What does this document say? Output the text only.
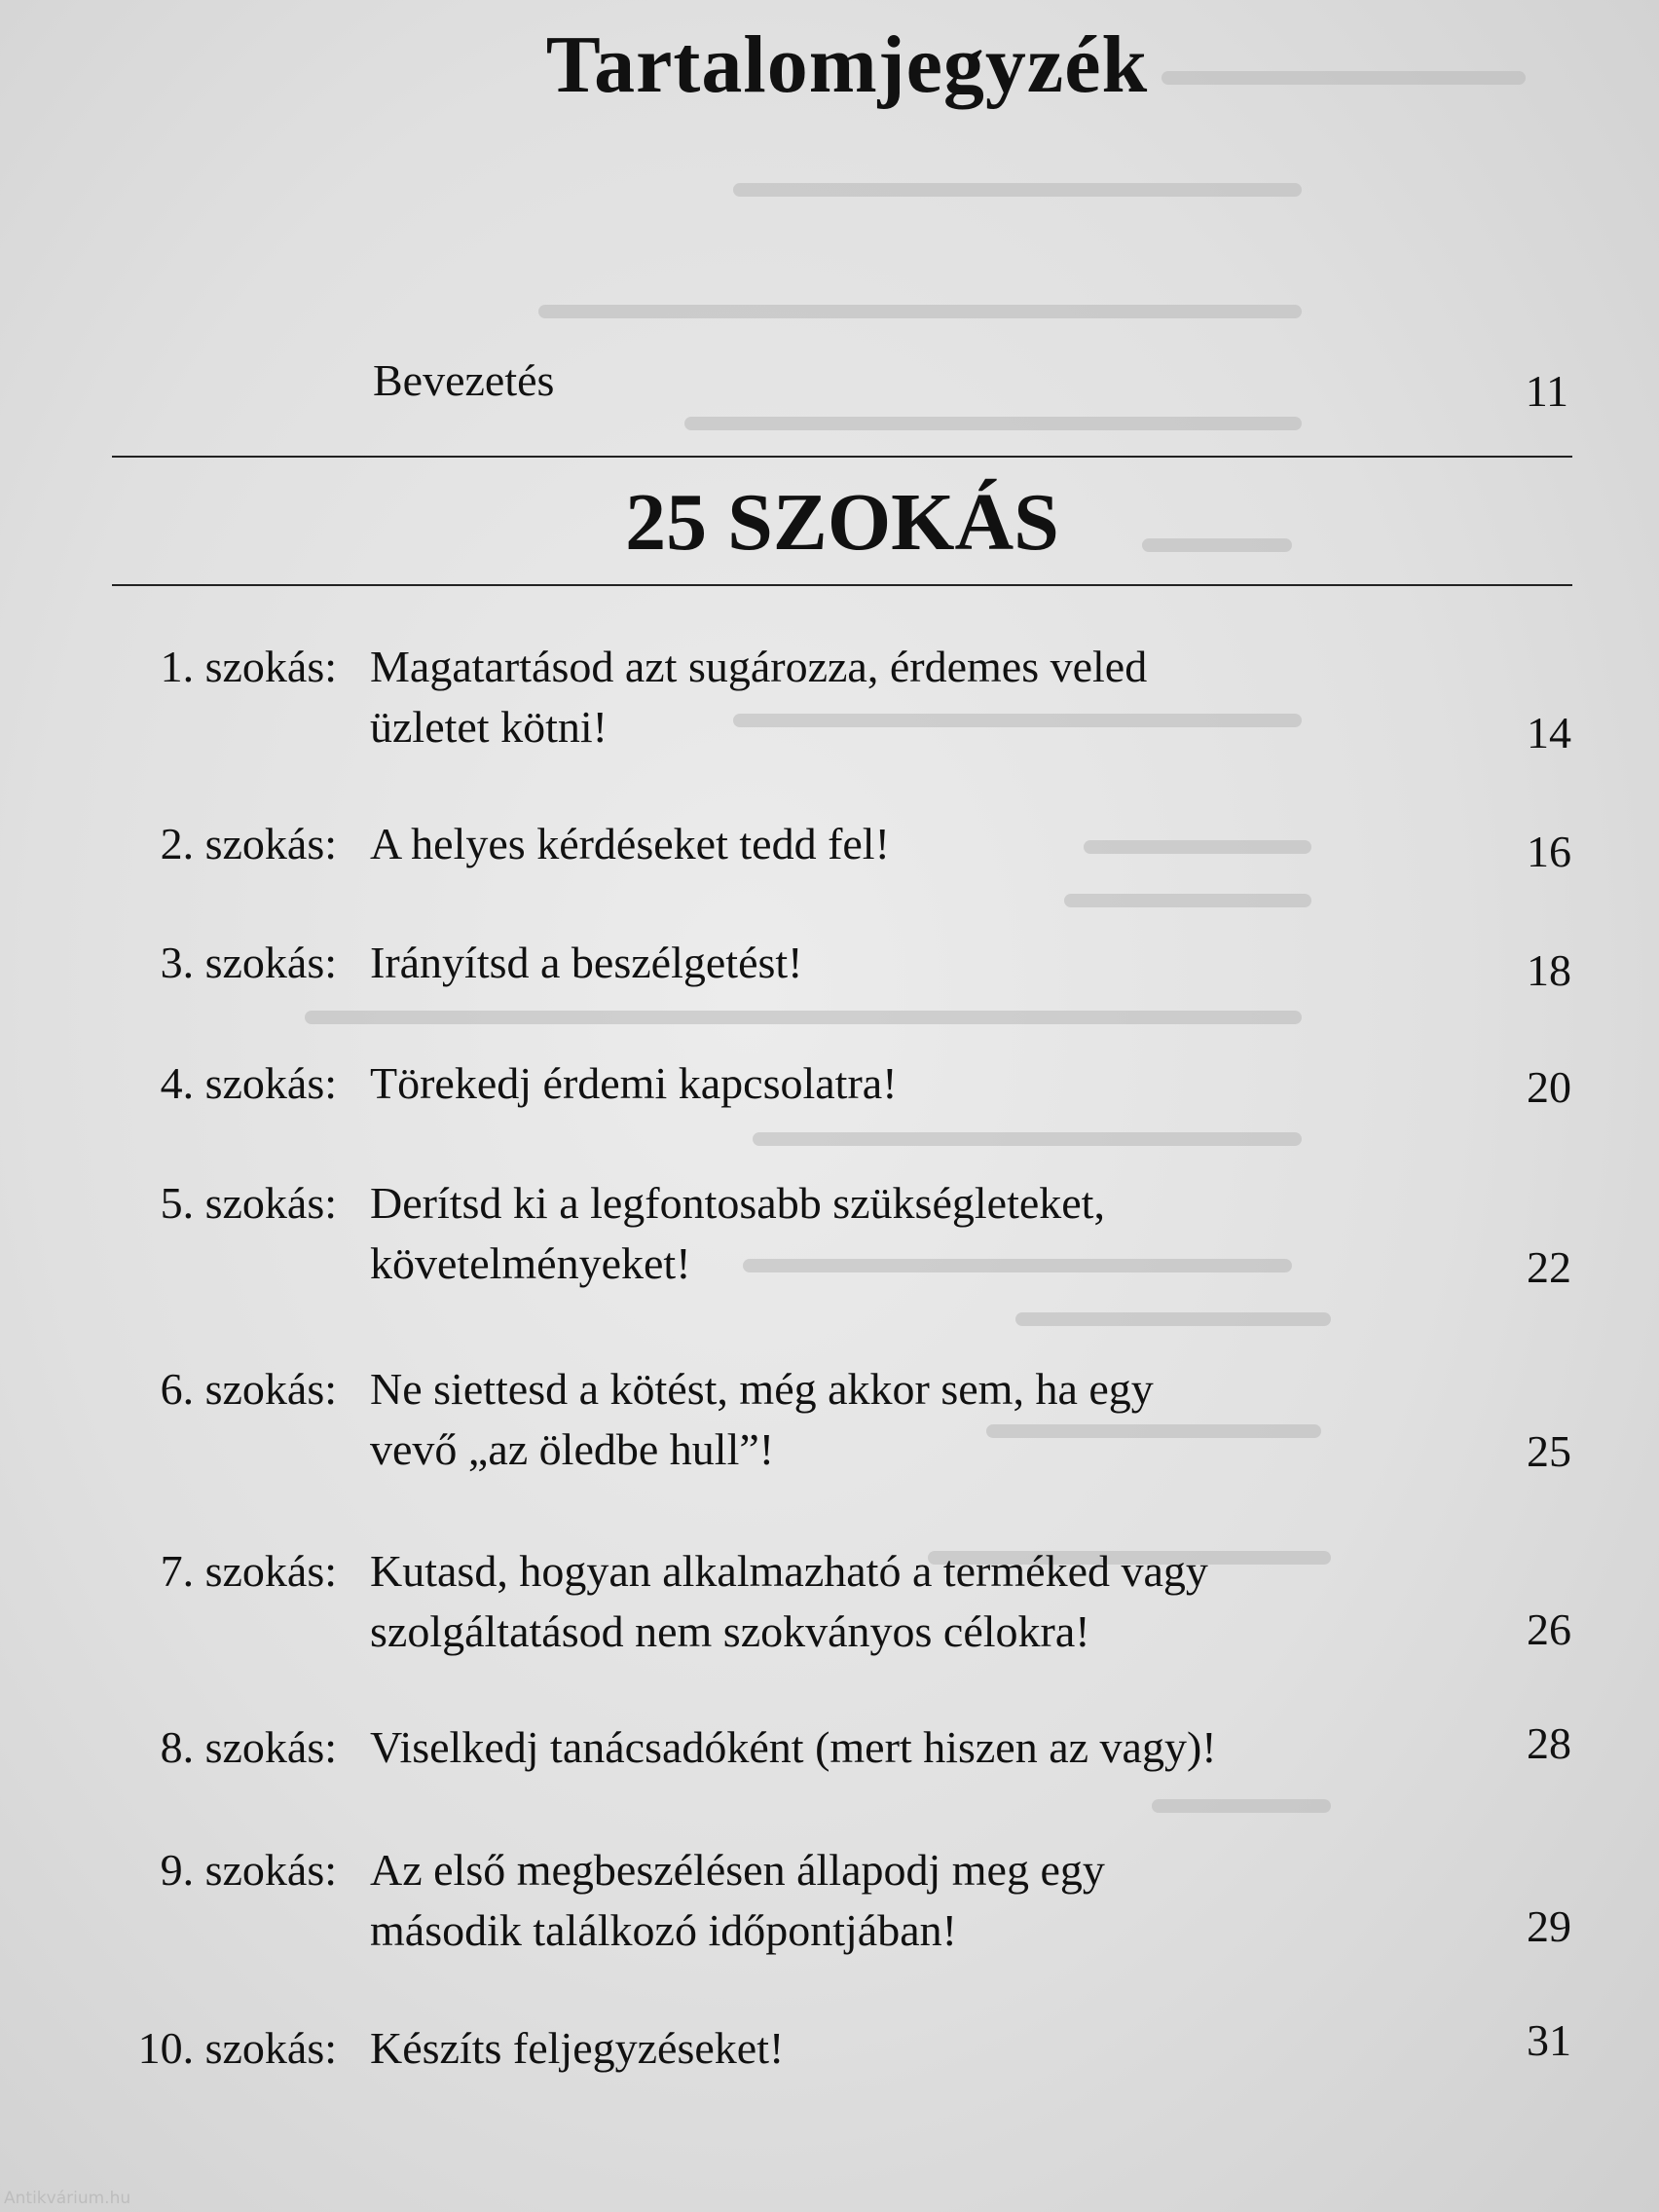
Tartalomjegyzék
Bevezetés	11
25 SZOKÁS
1. szokás: Magatartásod azt sugározza, érdemes veled
üzletet kötni!	14
2. szokás: A helyes kérdéseket tedd fel!	16
3. szokás: Irányítsd a beszélgetést!	18
4. szokás: Törekedj érdemi kapcsolatra!	20
5. szokás: Derítsd ki a legfontosabb szükségleteket,
követelményeket!	22
6. szokás: Ne siettesd a kötést, még akkor sem, ha egy
vevő „az öledbe hull”!	25
7. szokás: Kutasd, hogyan alkalmazható a terméked vagy
szolgáltatásod nem szokványos célokra!	26
8. szokás: Viselkedj tanácsadóként (mert hiszen az vagy)!	28
9. szokás: Az első megbeszélésen állapodj meg egy
második találkozó időpontjában!	29
10. szokás: Készíts feljegyzéseket!	31
Antikvárium.hu
